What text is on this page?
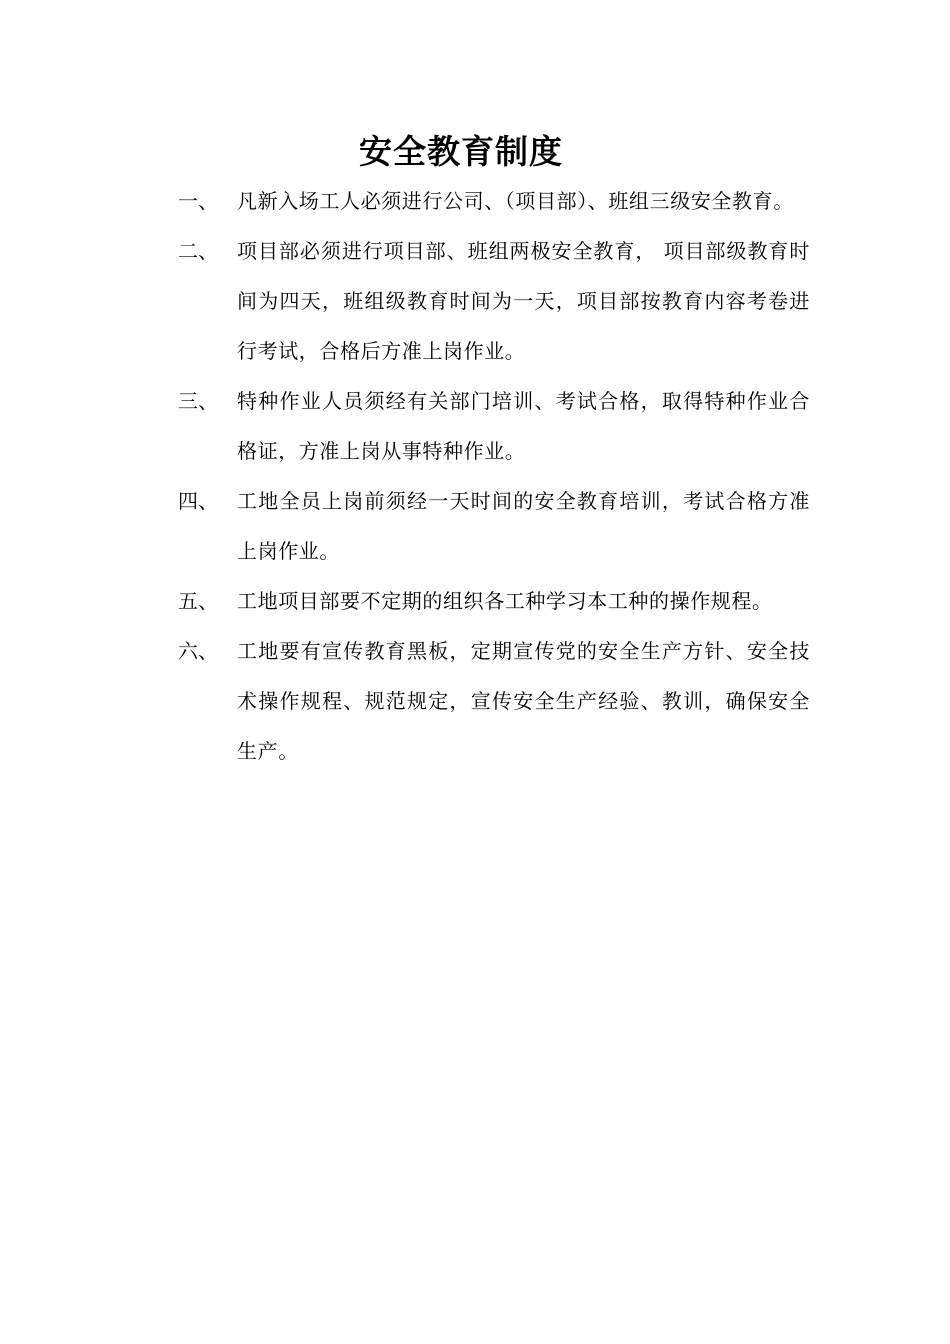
安全教育制度
一、 凡新入场工人必须进行公司、（项目部）、班组三级安全教育。
二、 项目部必须进行项目部、班组两极安全教育， 项目部级教育时间为四天，班组级教育时间为一天，项目部按教育内容考卷进行考试，合格后方准上岗作业。
三、 特种作业人员须经有关部门培训、考试合格，取得特种作业合格证，方准上岗从事特种作业。
四、 工地全员上岗前须经一天时间的安全教育培训，考试合格方准上岗作业。
五、 工地项目部要不定期的组织各工种学习本工种的操作规程。
六、 工地要有宣传教育黑板，定期宣传党的安全生产方针、安全技术操作规程、规范规定，宣传安全生产经验、教训，确保安全生产。
